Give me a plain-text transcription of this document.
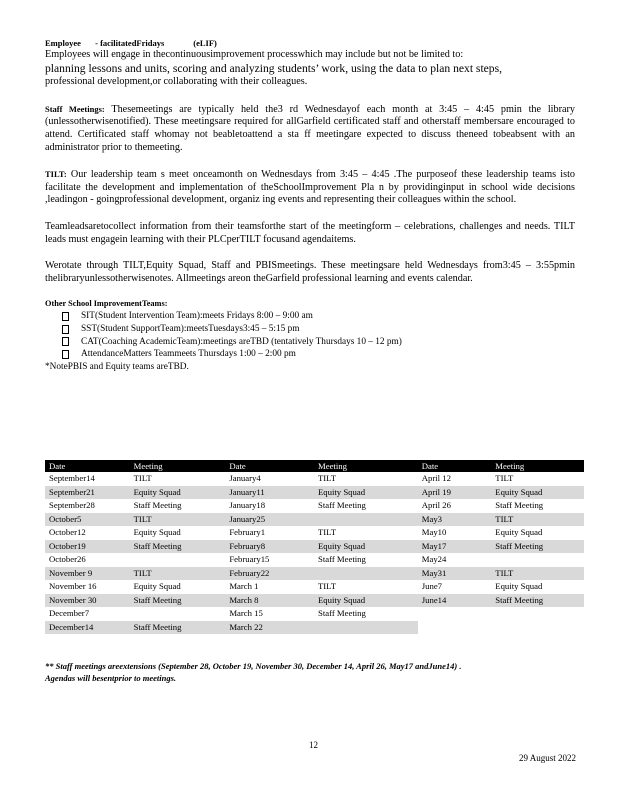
Employee - facilitatedFridays	(eLIF)

Employees will engage in thecontinuousimprovement processwhich may include but not be limited to:
planning lessons and units, scoring and analyzing students’ work, using the data to plan next steps,
professional development,or collaborating with their colleagues.

Staff Meetings: Thesemeetings are typically held the3 rd Wednesdayof each month at 3:45 – 4:45 pmin the library (unlessotherwisenotified). These meetingsare required for allGarfield certificated staff and otherstaff membersare encouraged to attend. Certificated staff whomay not beabletoattend a sta ff meetingare expected to discuss theneed tobeabsent with an administrator prior to themeeting.

TILT: Our leadership team s meet onceamonth on Wednesdays from 3:45 – 4:45 .The purposeof these leadership teams isto facilitate the development and implementation of theSchoolImprovement Pla n by providinginput in school wide decisions ,leadingon - goingprofessional development, organiz ing events and representing their colleagues within the school.

Teamleadsaretocollect information from their teamsforthe start of the meetingform – celebrations, challenges and needs. TILT leads must engagein learning with their PLCperTILT focusand agendaitems.

Werotate through TILT,Equity Squad, Staff and PBISmeetings. These meetingsare held Wednesdays from3:45 – 3:55pmin thelibraryunlessotherwisenotes. Allmeetings areon theGarfield professional learning and events calendar.

Other School ImprovementTeams:

SIT(Student Intervention Team):meets Fridays 8:00 – 9:00 am
SST(Student SupportTeam):meetsTuesdays3:45 – 5:15 pm
CAT(Coaching AcademicTeam):meetings areTBD (tentatively Thursdays 10 – 12 pm)
AttendanceMatters Teammeets Thursdays 1:00 – 2:00 pm

*NotePBIS and Equity teams areTBD.

Date	Meeting	Date	Meeting	Date	Meeting
September14	TILT	January4	TILT	April 12	TILT
September21	Equity Squad	January11	Equity Squad	April 19	Equity Squad
September28	Staff Meeting	January18	Staff Meeting	April 26	Staff Meeting
October5	TILT	January25		May3	TILT
October12	Equity Squad	February1	TILT	May10	Equity Squad
October19	Staff Meeting	February8	Equity Squad	May17	Staff Meeting
October26		February15	Staff Meeting	May24	
November 9	TILT	February22		May31	TILT
November 16	Equity Squad	March 1	TILT	June7	Equity Squad
November 30	Staff Meeting	March 8	Equity Squad	June14	Staff Meeting
December7		March 15	Staff Meeting		
December14	Staff Meeting	March 22			

** Staff meetings areextensions (September 28, October 19, November 30, December 14, April 26, May17 andJune14) .
Agendas will besentprior to meetings.

12
29 August 2022
